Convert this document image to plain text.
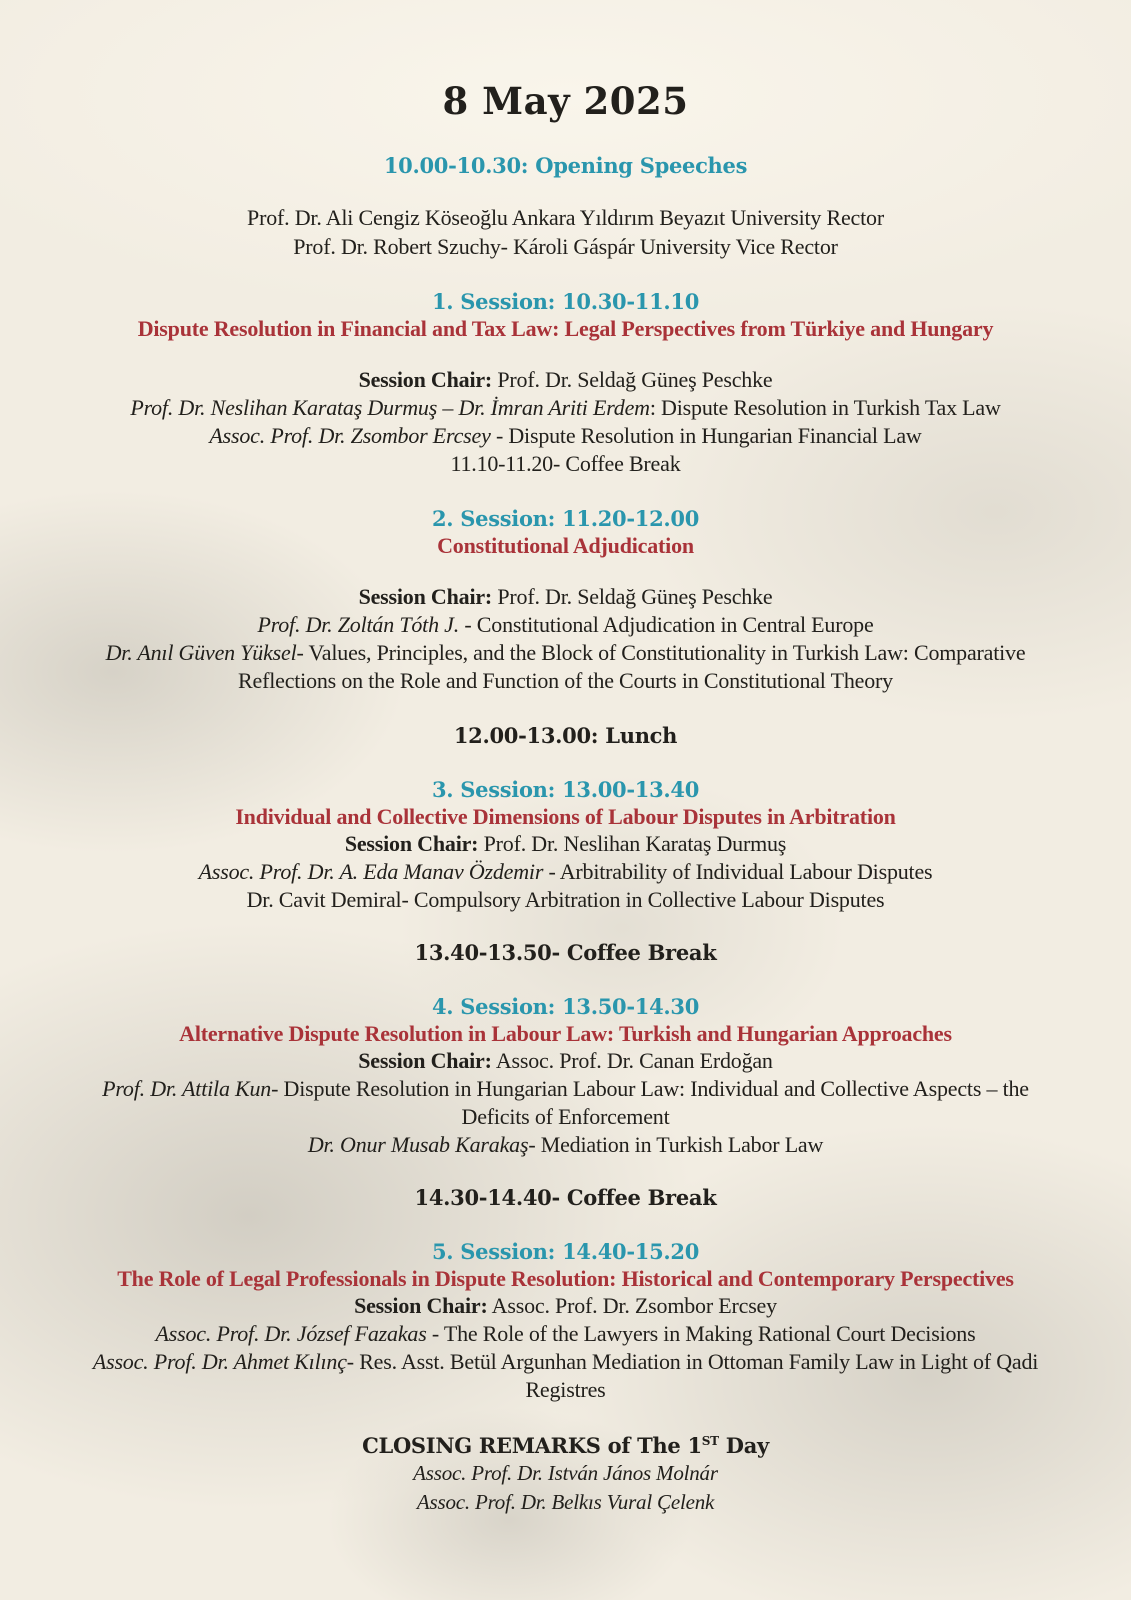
8 May 2025
10.00-10.30: Opening Speeches
Prof. Dr. Ali Cengiz Köseoğlu Ankara Yıldırım Beyazıt University Rector
Prof. Dr. Robert Szuchy- Károli Gáspár University Vice Rector
1. Session: 10.30-11.10
Dispute Resolution in Financial and Tax Law: Legal Perspectives from Türkiye and Hungary
Session Chair: Prof. Dr. Seldağ Güneş Peschke
Prof. Dr. Neslihan Karataş Durmuş – Dr. İmran Ariti Erdem: Dispute Resolution in Turkish Tax Law
Assoc. Prof. Dr. Zsombor Ercsey - Dispute Resolution in Hungarian Financial Law
11.10-11.20- Coffee Break
2. Session: 11.20-12.00
Constitutional Adjudication
Session Chair: Prof. Dr. Seldağ Güneş Peschke
Prof. Dr. Zoltán Tóth J. - Constitutional Adjudication in Central Europe
Dr. Anıl Güven Yüksel- Values, Principles, and the Block of Constitutionality in Turkish Law: Comparative Reflections on the Role and Function of the Courts in Constitutional Theory
12.00-13.00: Lunch
3. Session: 13.00-13.40
Individual and Collective Dimensions of Labour Disputes in Arbitration
Session Chair: Prof. Dr. Neslihan Karataş Durmuş
Assoc. Prof. Dr. A. Eda Manav Özdemir - Arbitrability of Individual Labour Disputes
Dr. Cavit Demiral- Compulsory Arbitration in Collective Labour Disputes
13.40-13.50- Coffee Break
4. Session: 13.50-14.30
Alternative Dispute Resolution in Labour Law: Turkish and Hungarian Approaches
Session Chair: Assoc. Prof. Dr. Canan Erdoğan
Prof. Dr. Attila Kun- Dispute Resolution in Hungarian Labour Law: Individual and Collective Aspects – the Deficits of Enforcement
Dr. Onur Musab Karakaş- Mediation in Turkish Labor Law
14.30-14.40- Coffee Break
5. Session: 14.40-15.20
The Role of Legal Professionals in Dispute Resolution: Historical and Contemporary Perspectives
Session Chair: Assoc. Prof. Dr. Zsombor Ercsey
Assoc. Prof. Dr. József Fazakas - The Role of the Lawyers in Making Rational Court Decisions
Assoc. Prof. Dr. Ahmet Kılınç- Res. Asst. Betül Argunhan Mediation in Ottoman Family Law in Light of Qadi Registres
CLOSING REMARKS of The 1ST Day
Assoc. Prof. Dr. István János Molnár
Assoc. Prof. Dr. Belkıs Vural Çelenk
